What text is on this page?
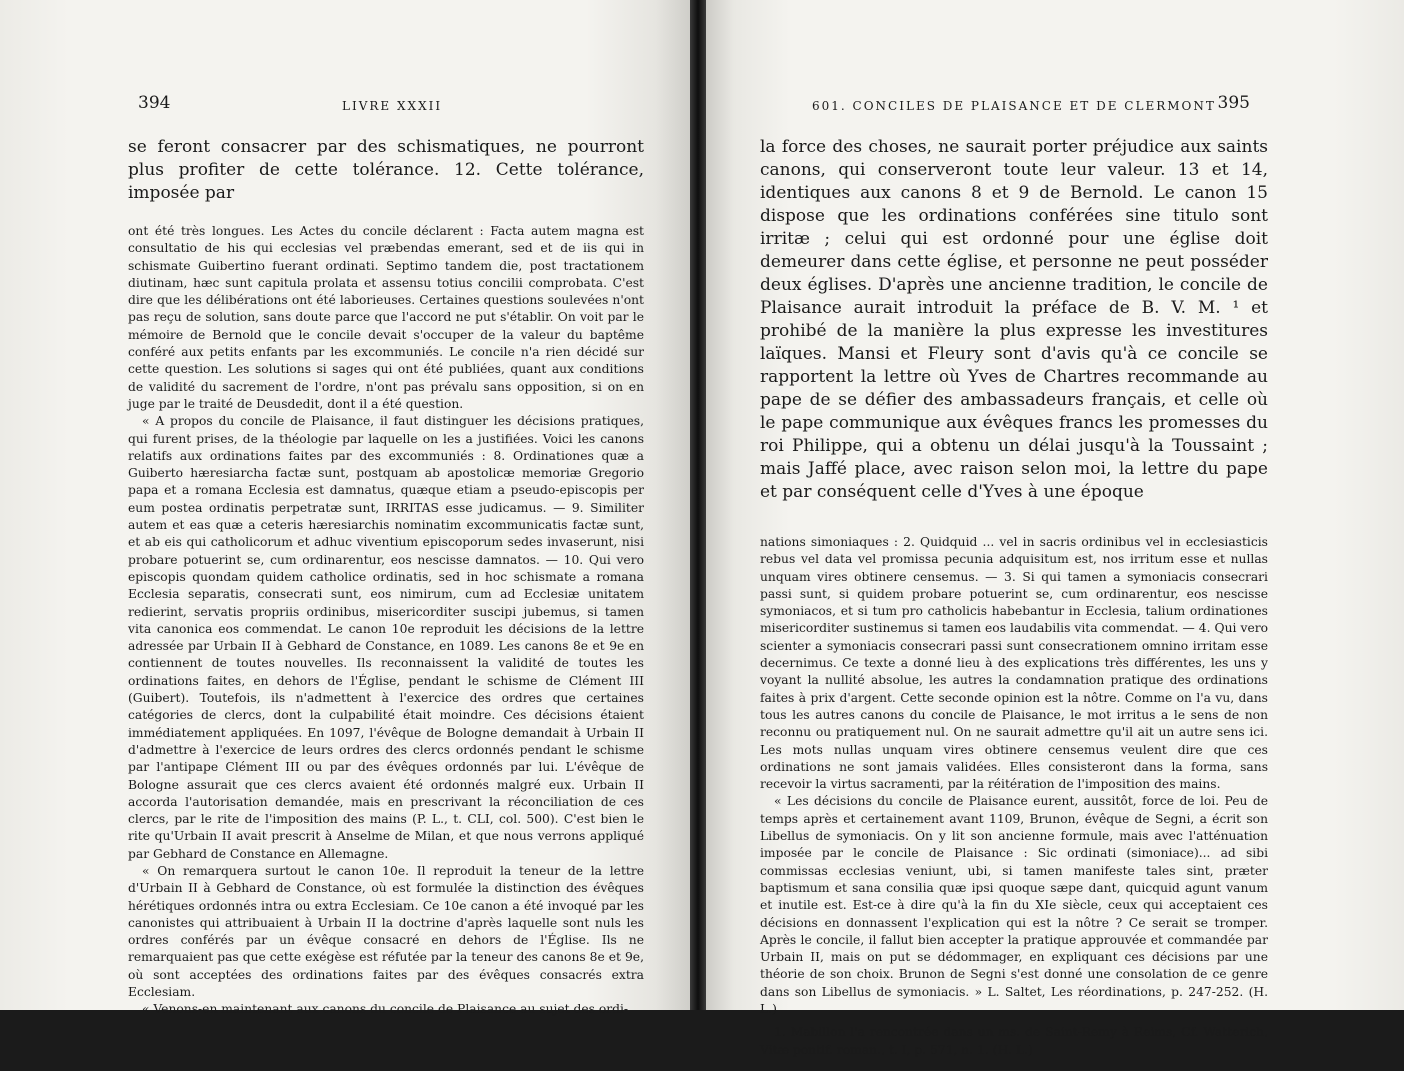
394	LIVRE XXXII

se feront consacrer par des schismatiques, ne pourront plus profiter de cette tolérance. 12. Cette tolérance, imposée par

ont été très longues. Les Actes du concile déclarent : Facta autem magna est consultatio de his qui ecclesias vel præbendas emerant, sed et de iis qui in schismate Guibertino fuerant ordinati. Septimo tandem die, post tractationem diutinam, hæc sunt capitula prolata et assensu totius concilii comprobata. C'est dire que les délibérations ont été laborieuses. Certaines questions soulevées n'ont pas reçu de solution, sans doute parce que l'accord ne put s'établir. On voit par le mémoire de Bernold que le concile devait s'occuper de la valeur du baptême conféré aux petits enfants par les excommuniés. Le concile n'a rien décidé sur cette question. Les solutions si sages qui ont été publiées, quant aux conditions de validité du sacrement de l'ordre, n'ont pas prévalu sans opposition, si on en juge par le traité de Deusdedit, dont il a été question.

« A propos du concile de Plaisance, il faut distinguer les décisions pratiques, qui furent prises, de la théologie par laquelle on les a justifiées. Voici les canons relatifs aux ordinations faites par des excommuniés : 8. Ordinationes quæ a Guiberto hæresiarcha factæ sunt, postquam ab apostolicæ memoriæ Gregorio papa et a romana Ecclesia est damnatus, quæque etiam a pseudo-episcopis per eum postea ordinatis perpetratæ sunt, IRRITAS esse judicamus. — 9. Similiter autem et eas quæ a ceteris hæresiarchis nominatim excommunicatis factæ sunt, et ab eis qui catholicorum et adhuc viventium episcoporum sedes invaserunt, nisi probare potuerint se, cum ordinarentur, eos nescisse damnatos. — 10. Qui vero episcopis quondam quidem catholice ordinatis, sed in hoc schismate a romana Ecclesia separatis, consecrati sunt, eos nimirum, cum ad Ecclesiæ unitatem redierint, servatis propriis ordinibus, misericorditer suscipi jubemus, si tamen vita canonica eos commendat. Le canon 10e reproduit les décisions de la lettre adressée par Urbain II à Gebhard de Constance, en 1089. Les canons 8e et 9e en contiennent de toutes nouvelles. Ils reconnaissent la validité de toutes les ordinations faites, en dehors de l'Église, pendant le schisme de Clément III (Guibert). Toutefois, ils n'admettent à l'exercice des ordres que certaines catégories de clercs, dont la culpabilité était moindre. Ces décisions étaient immédiatement appliquées. En 1097, l'évêque de Bologne demandait à Urbain II d'admettre à l'exercice de leurs ordres des clercs ordonnés pendant le schisme par l'antipape Clément III ou par des évêques ordonnés par lui. L'évêque de Bologne assurait que ces clercs avaient été ordonnés malgré eux. Urbain II accorda l'autorisation demandée, mais en prescrivant la réconciliation de ces clercs, par le rite de l'imposition des mains (P. L., t. CLI, col. 500). C'est bien le rite qu'Urbain II avait prescrit à Anselme de Milan, et que nous verrons appliqué par Gebhard de Constance en Allemagne.

« On remarquera surtout le canon 10e. Il reproduit la teneur de la lettre d'Urbain II à Gebhard de Constance, où est formulée la distinction des évêques hérétiques ordonnés intra ou extra Ecclesiam. Ce 10e canon a été invoqué par les canonistes qui attribuaient à Urbain II la doctrine d'après laquelle sont nuls les ordres conférés par un évêque consacré en dehors de l'Église. Ils ne remarquaient pas que cette exégèse est réfutée par la teneur des canons 8e et 9e, où sont acceptées des ordinations faites par des évêques consacrés extra Ecclesiam.

« Venons-en maintenant aux canons du concile de Plaisance au sujet des ordi-

601. CONCILES DE PLAISANCE ET DE CLERMONT 395

la force des choses, ne saurait porter préjudice aux saints canons, qui conserveront toute leur valeur. 13 et 14, identiques aux canons 8 et 9 de Bernold. Le canon 15 dispose que les ordinations conférées sine titulo sont irritæ ; celui qui est ordonné pour une église doit demeurer dans cette église, et personne ne peut posséder deux églises. D'après une ancienne tradition, le concile de Plaisance aurait introduit la préface de B. V. M. ¹ et prohibé de la manière la plus expresse les investitures laïques. Mansi et Fleury sont d'avis qu'à ce concile se rapportent la lettre où Yves de Chartres recommande au pape de se défier des ambassadeurs français, et celle où le pape communique aux évêques francs les promesses du roi Philippe, qui a obtenu un délai jusqu'à la Toussaint ; mais Jaffé place, avec raison selon moi, la lettre du pape et par conséquent celle d'Yves à une époque

nations simoniaques : 2. Quidquid ... vel in sacris ordinibus vel in ecclesiasticis rebus vel data vel promissa pecunia adquisitum est, nos irritum esse et nullas unquam vires obtinere censemus. — 3. Si qui tamen a symoniacis consecrari passi sunt, si quidem probare potuerint se, cum ordinarentur, eos nescisse symoniacos, et si tum pro catholicis habebantur in Ecclesia, talium ordinationes misericorditer sustinemus si tamen eos laudabilis vita commendat. — 4. Qui vero scienter a symoniacis consecrari passi sunt consecrationem omnino irritam esse decernimus. Ce texte a donné lieu à des explications très différentes, les uns y voyant la nullité absolue, les autres la condamnation pratique des ordinations faites à prix d'argent. Cette seconde opinion est la nôtre. Comme on l'a vu, dans tous les autres canons du concile de Plaisance, le mot irritus a le sens de non reconnu ou pratiquement nul. On ne saurait admettre qu'il ait un autre sens ici. Les mots nullas unquam vires obtinere censemus veulent dire que ces ordinations ne sont jamais validées. Elles consisteront dans la forma, sans recevoir la virtus sacramenti, par la réitération de l'imposition des mains.

« Les décisions du concile de Plaisance eurent, aussitôt, force de loi. Peu de temps après et certainement avant 1109, Brunon, évêque de Segni, a écrit son Libellus de symoniacis. On y lit son ancienne formule, mais avec l'atténuation imposée par le concile de Plaisance : Sic ordinati (simoniace)... ad sibi commissas ecclesias veniunt, ubi, si tamen manifeste tales sint, præter baptismum et sana consilia quæ ipsi quoque sæpe dant, quicquid agunt vanum et inutile est. Est-ce à dire qu'à la fin du XIe siècle, ceux qui acceptaient ces décisions en donnassent l'explication qui est la nôtre ? Ce serait se tromper. Après le concile, il fallut bien accepter la pratique approuvée et commandée par Urbain II, mais on put se dédommager, en expliquant ces décisions par une théorie de son choix. Brunon de Segni s'est donné une consolation de ce genre dans son Libellus de symoniacis. » L. Saltet, Les réordinations, p. 247-252. (H. L.)

1. Mabillon l'a rencontrée dans un ms. de Saint-Remy à Reims, Cf. Watterich, Vitæ pontif. roman., t. I, p. 571, n. 1. (H. L.)
